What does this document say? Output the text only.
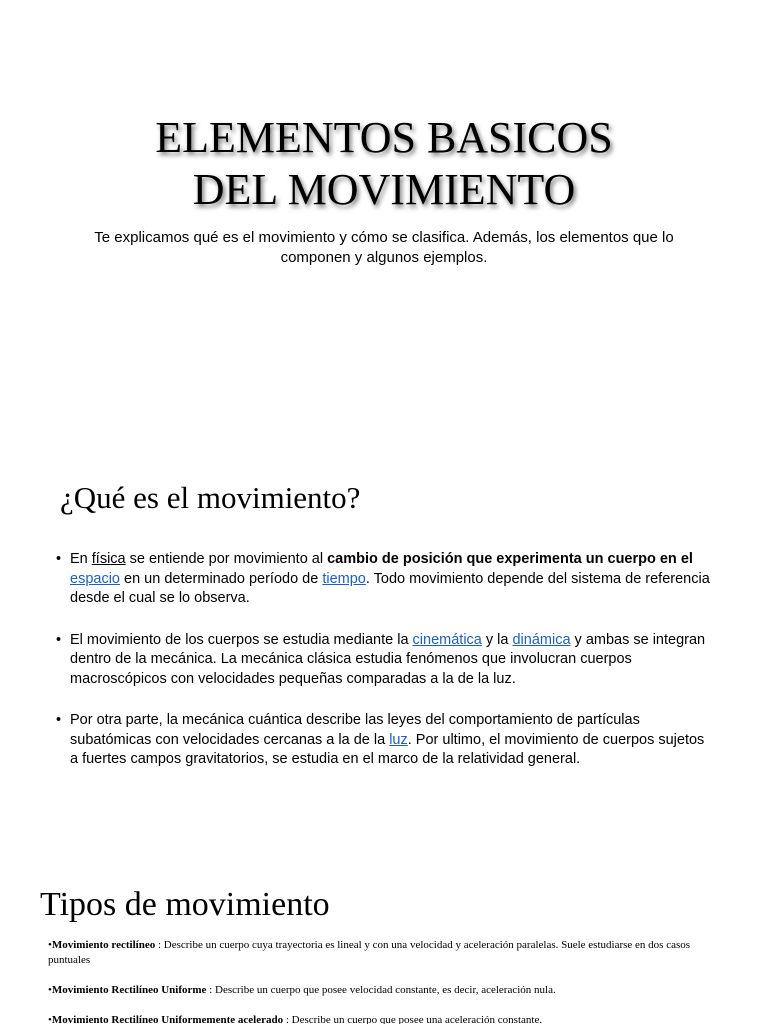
ELEMENTOS BASICOS
DEL MOVIMIENTO

Te explicamos qué es el movimiento y cómo se clasifica. Además, los elementos que lo componen y algunos ejemplos.

¿Qué es el movimiento?
• En física se entiende por movimiento al cambio de posición que experimenta un cuerpo en el espacio en un determinado período de tiempo. Todo movimiento depende del sistema de referencia desde el cual se lo observa.
• El movimiento de los cuerpos se estudia mediante la cinemática y la dinámica y ambas se integran dentro de la mecánica. La mecánica clásica estudia fenómenos que involucran cuerpos macroscópicos con velocidades pequeñas comparadas a la de la luz.
• Por otra parte, la mecánica cuántica describe las leyes del comportamiento de partículas subatómicas con velocidades cercanas a la de la luz. Por ultimo, el movimiento de cuerpos sujetos a fuertes campos gravitatorios, se estudia en el marco de la relatividad general.
Tipos de movimiento
•Movimiento rectilíneo : Describe un cuerpo cuya trayectoria es lineal y con una velocidad y aceleración paralelas. Suele estudiarse en dos casos puntuales
•Movimiento Rectilíneo Uniforme : Describe un cuerpo que posee velocidad constante, es decir, aceleración nula.
•Movimiento Rectilíneo Uniformemente acelerado : Describe un cuerpo que posee una aceleración constante.
